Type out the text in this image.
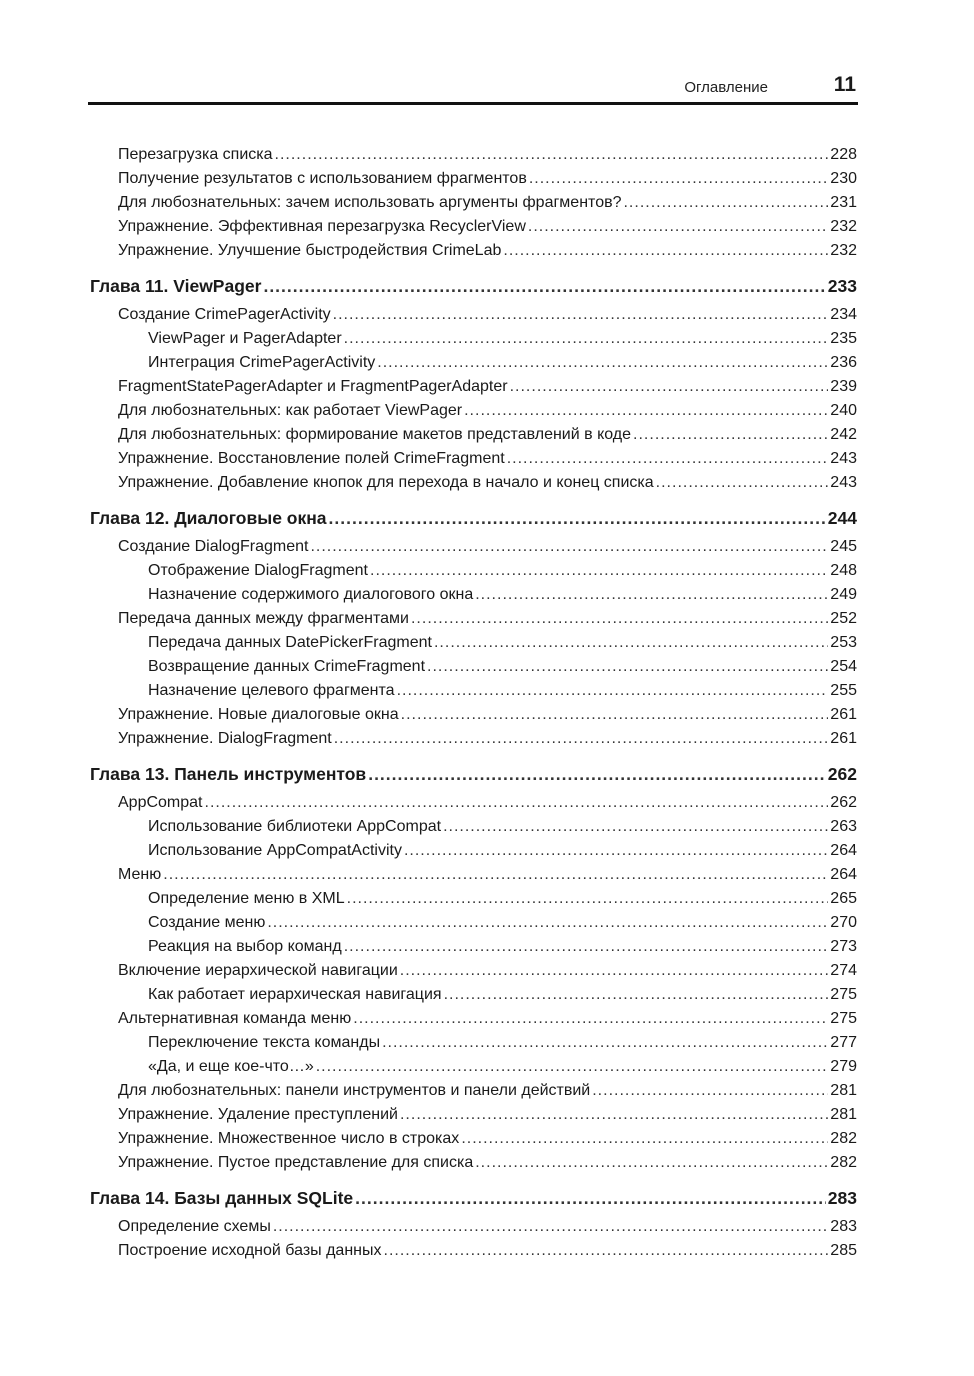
Оглавление	11
Перезагрузка списка .....	228
Получение результатов с использованием фрагментов .....	230
Для любознательных: зачем использовать аргументы фрагментов? .....	231
Упражнение. Эффективная перезагрузка RecyclerView .....	232
Упражнение. Улучшение быстродействия CrimeLab .....	232
Глава 11. ViewPager .....	233
Создание CrimePagerActivity .....	234
ViewPager и PagerAdapter .....	235
Интеграция CrimePagerActivity .....	236
FragmentStatePagerAdapter и FragmentPagerAdapter .....	239
Для любознательных: как работает ViewPager .....	240
Для любознательных: формирование макетов представлений в коде .....	242
Упражнение. Восстановление полей CrimeFragment .....	243
Упражнение. Добавление кнопок для перехода в начало и конец списка .....	243
Глава 12. Диалоговые окна .....	244
Создание DialogFragment .....	245
Отображение DialogFragment .....	248
Назначение содержимого диалогового окна .....	249
Передача данных между фрагментами .....	252
Передача данных DatePickerFragment .....	253
Возвращение данных CrimeFragment .....	254
Назначение целевого фрагмента .....	255
Упражнение. Новые диалоговые окна .....	261
Упражнение. DialogFragment .....	261
Глава 13. Панель инструментов .....	262
AppCompat .....	262
Использование библиотеки AppCompat .....	263
Использование AppCompatActivity .....	264
Меню .....	264
Определение меню в XML .....	265
Создание меню .....	270
Реакция на выбор команд .....	273
Включение иерархической навигации .....	274
Как работает иерархическая навигация .....	275
Альтернативная команда меню .....	275
Переключение текста команды .....	277
«Да, и еще кое-что…» .....	279
Для любознательных: панели инструментов и панели действий .....	281
Упражнение. Удаление преступлений .....	281
Упражнение. Множественное число в строках .....	282
Упражнение. Пустое представление для списка .....	282
Глава 14. Базы данных SQLite .....	283
Определение схемы .....	283
Построение исходной базы данных .....	285
